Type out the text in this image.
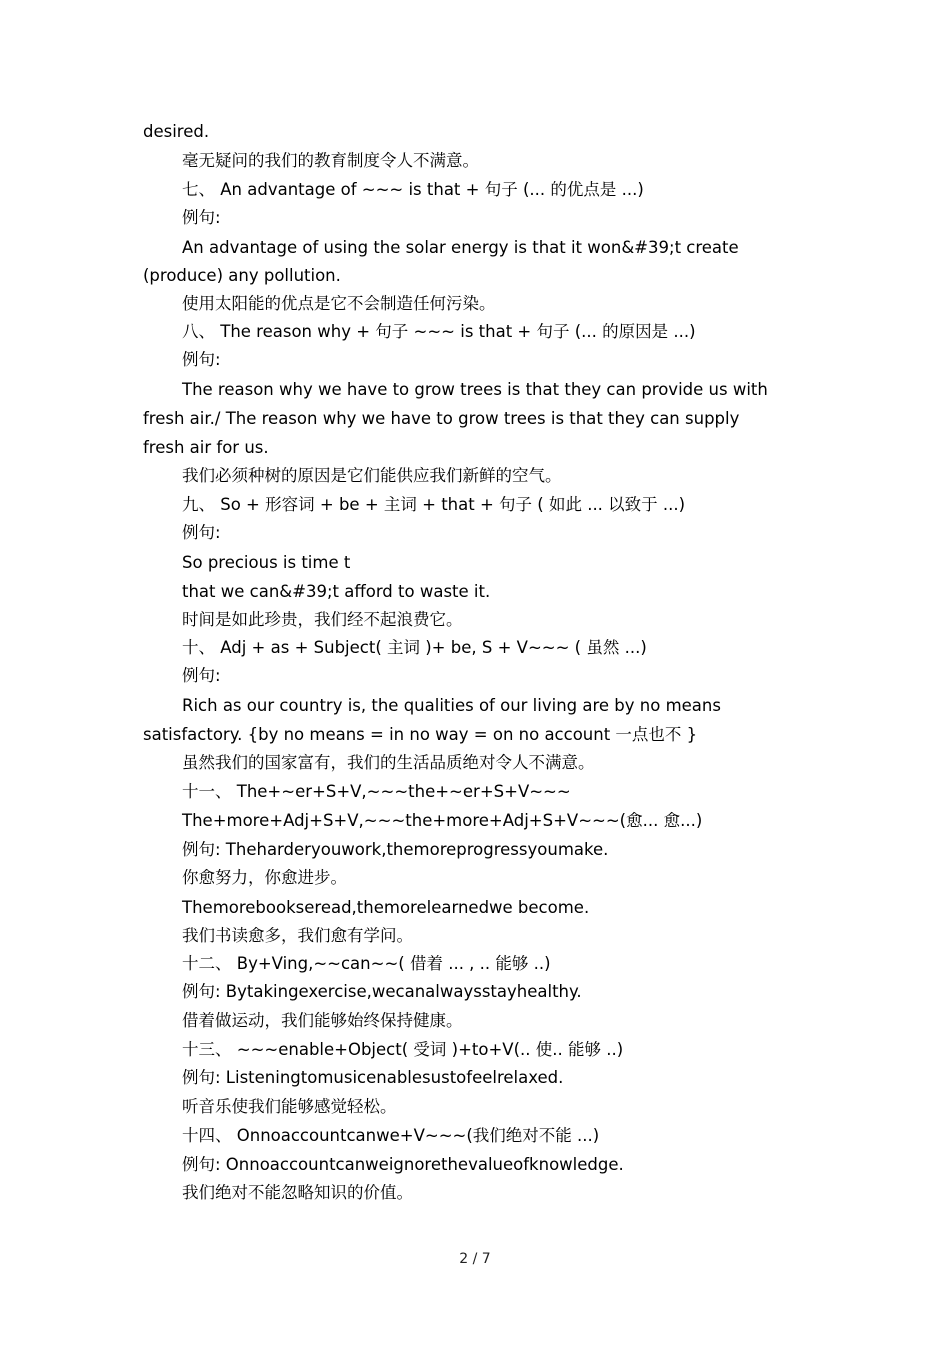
desired.
毫无疑问的我们的教育制度令人不满意。
七、 An advantage of ~~~ is that + 句子 (... 的优点是 ...)
例句:
An advantage of using the solar energy is that it won&#39;t create
(produce) any pollution.
使用太阳能的优点是它不会制造任何污染。
八、 The reason why + 句子 ~~~ is that + 句子 (... 的原因是 ...)
例句:
The reason why we have to grow trees is that they can provide us with
fresh air./ The reason why we have to grow trees is that they can supply
fresh air for us.
我们必须种树的原因是它们能供应我们新鲜的空气。
九、 So + 形容词 + be + 主词 + that + 句子 ( 如此 ... 以致于 ...)
例句:
So precious is time t
that we can&#39;t afford to waste it.
时间是如此珍贵，我们经不起浪费它。
十、 Adj + as + Subject( 主词 )+ be, S + V~~~ ( 虽然 ...)
例句:
Rich as our country is, the qualities of our living are by no means
satisfactory. {by no means = in no way = on no account 一点也不 }
虽然我们的国家富有，我们的生活品质绝对令人不满意。
十一、 The+~er+S+V,~~~the+~er+S+V~~~
The+more+Adj+S+V,~~~the+more+Adj+S+V~~~(愈... 愈...)
例句: Theharderyouwork,themoreprogressyoumake.
你愈努力，你愈进步。
Themorebookseread,themorelearnedwe become.
我们书读愈多，我们愈有学问。
十二、 By+Ving,~~can~~( 借着 ... , .. 能够 ..)
例句: Bytakingexercise,wecanalwaysstayhealthy.
借着做运动，我们能够始终保持健康。
十三、 ~~~enable+Object( 受词 )+to+V(.. 使.. 能够 ..)
例句: Listeningtomusicenablesustofeelrelaxed.
听音乐使我们能够感觉轻松。
十四、 Onnoaccountcanwe+V~~~(我们绝对不能 ...)
例句: Onnoaccountcanweignorethevalueofknowledge.
我们绝对不能忽略知识的价值。
2 / 7
